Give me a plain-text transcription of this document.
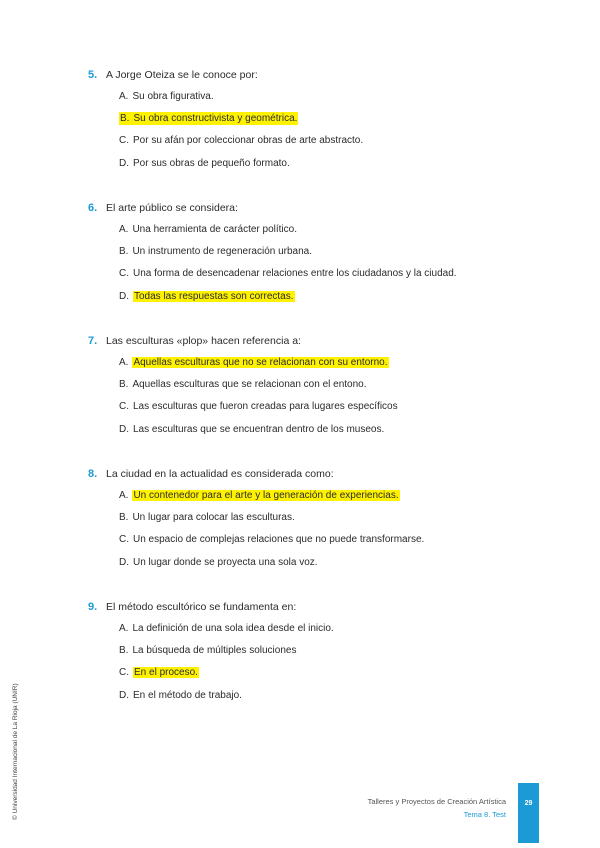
5. A Jorge Oteiza se le conoce por:
A. Su obra figurativa.
B. Su obra constructivista y geométrica.
C. Por su afán por coleccionar obras de arte abstracto.
D. Por sus obras de pequeño formato.
6. El arte público se considera:
A. Una herramienta de carácter político.
B. Un instrumento de regeneración urbana.
C. Una forma de desencadenar relaciones entre los ciudadanos y la ciudad.
D. Todas las respuestas son correctas.
7. Las esculturas «plop» hacen referencia a:
A. Aquellas esculturas que no se relacionan con su entorno.
B. Aquellas esculturas que se relacionan con el entono.
C. Las esculturas que fueron creadas para lugares específicos
D. Las esculturas que se encuentran dentro de los museos.
8. La ciudad en la actualidad es considerada como:
A. Un contenedor para el arte y la generación de experiencias.
B. Un lugar para colocar las esculturas.
C. Un espacio de complejas relaciones que no puede transformarse.
D. Un lugar donde se proyecta una sola voz.
9. El método escultórico se fundamenta en:
A. La definición de una sola idea desde el inicio.
B. La búsqueda de múltiples soluciones
C. En el proceso.
D. En el método de trabajo.
© Universidad Internacional de La Rioja (UNIR)	Talleres y Proyectos de Creación Artística
Tema 8. Test
29
